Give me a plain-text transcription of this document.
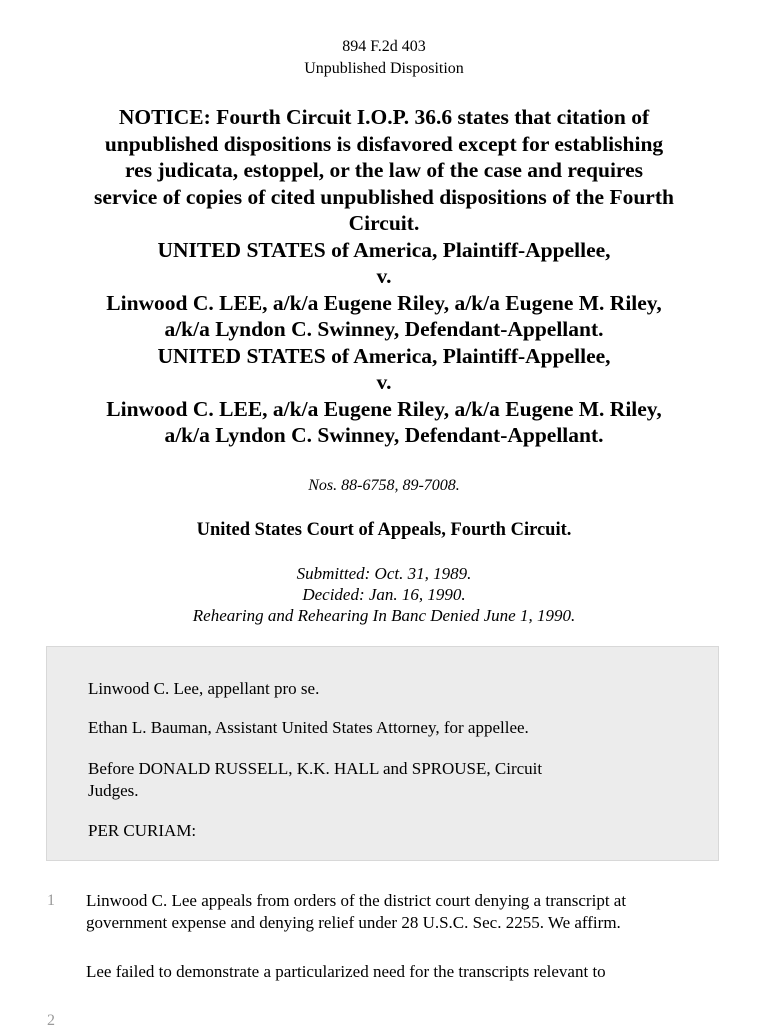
894 F.2d 403
Unpublished Disposition
NOTICE: Fourth Circuit I.O.P. 36.6 states that citation of
unpublished dispositions is disfavored except for establishing
res judicata, estoppel, or the law of the case and requires
service of copies of cited unpublished dispositions of the Fourth
Circuit.
UNITED STATES of America, Plaintiff-Appellee,
v.
Linwood C. LEE, a/k/a Eugene Riley, a/k/a Eugene M. Riley,
a/k/a Lyndon C. Swinney, Defendant-Appellant.
UNITED STATES of America, Plaintiff-Appellee,
v.
Linwood C. LEE, a/k/a Eugene Riley, a/k/a Eugene M. Riley,
a/k/a Lyndon C. Swinney, Defendant-Appellant.
Nos. 88-6758, 89-7008.
United States Court of Appeals, Fourth Circuit.
Submitted: Oct. 31, 1989.
Decided: Jan. 16, 1990.
Rehearing and Rehearing In Banc Denied June 1, 1990.

Linwood C. Lee, appellant pro se.

Ethan L. Bauman, Assistant United States Attorney, for appellee.

Before DONALD RUSSELL, K.K. HALL and SPROUSE, Circuit

Judges.

PER CURIAM:

1 Linwood C. Lee appeals from orders of the district court denying a transcript at
government expense and denying relief under 28 U.S.C. Sec. 2255. We affirm.
2
Lee failed to demonstrate a particularized need for the transcripts relevant to
